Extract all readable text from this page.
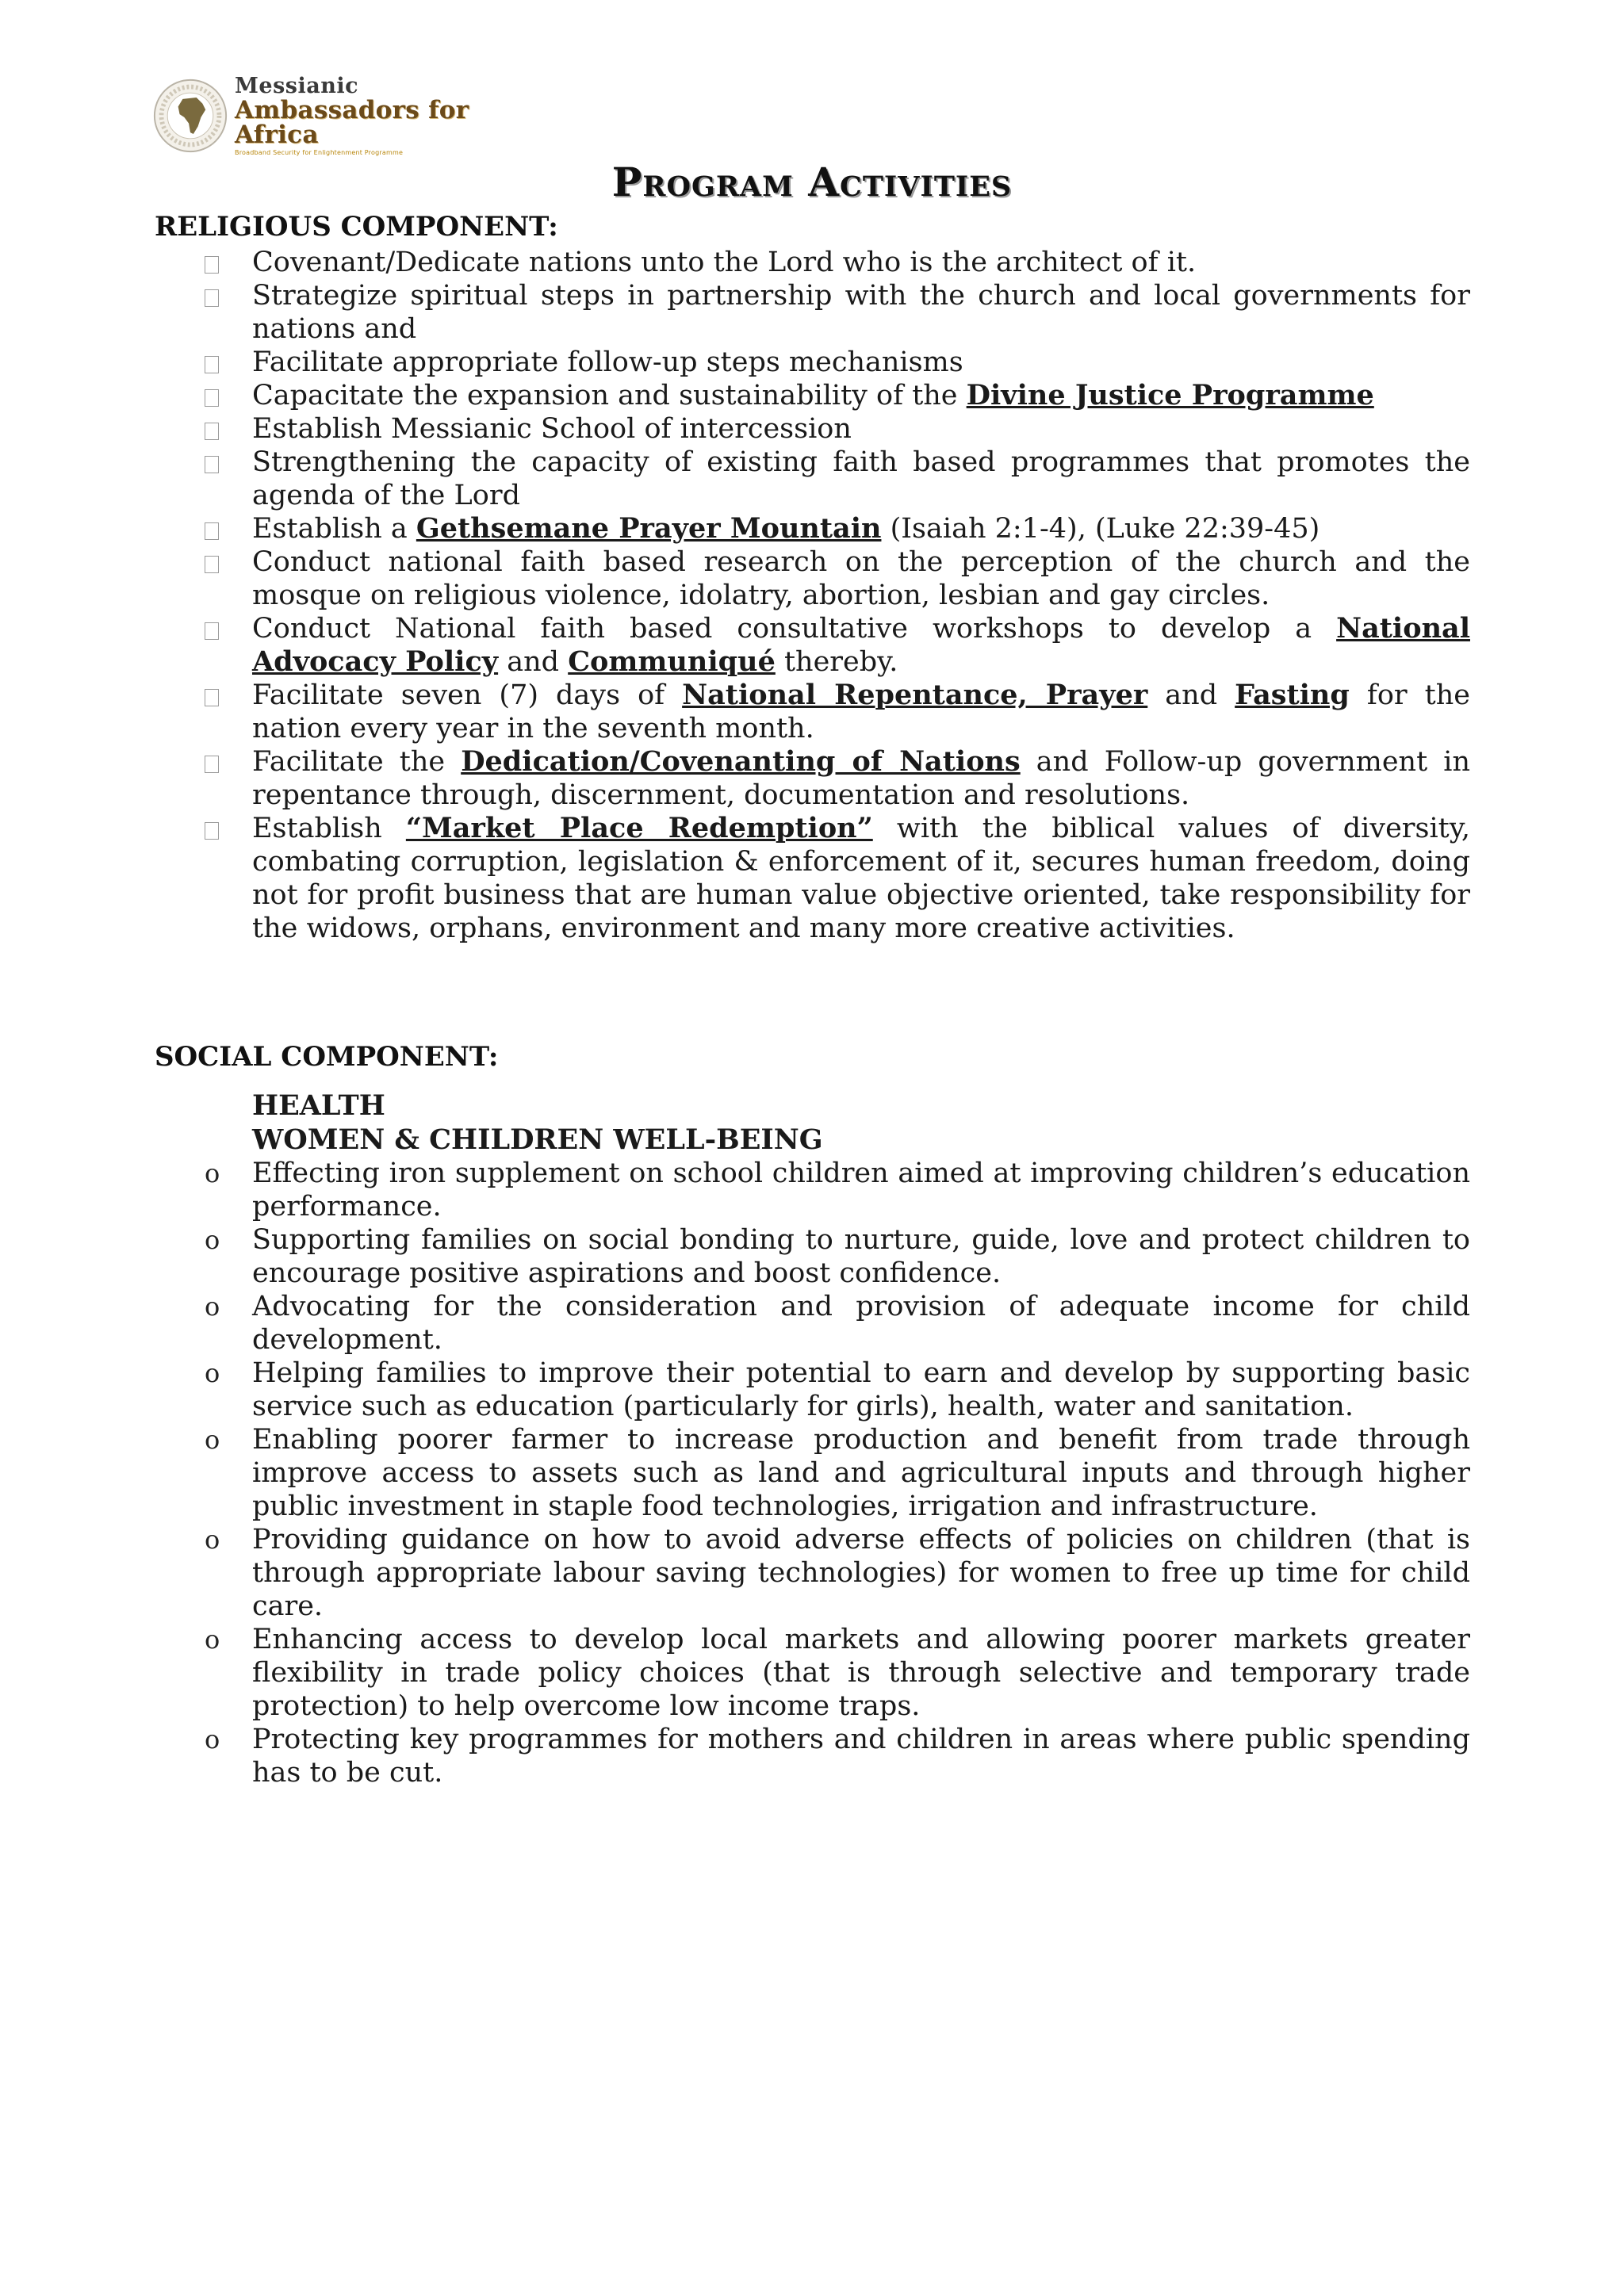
Messianic
Ambassadors for Africa
Broadband Security for Enlightenment Programme
Program Activities
RELIGIOUS COMPONENT:
Covenant/Dedicate nations unto the Lord who is the architect of it.
Strategize spiritual steps in partnership with the church and local governments for nations and
Facilitate appropriate follow-up steps mechanisms
Capacitate the expansion and sustainability of the Divine Justice Programme
Establish Messianic School of intercession
Strengthening the capacity of existing faith based programmes that promotes the agenda of the Lord
Establish a Gethsemane Prayer Mountain (Isaiah 2:1-4), (Luke 22:39-45)
Conduct national faith based research on the perception of the church and the mosque on religious violence, idolatry, abortion, lesbian and gay circles.
Conduct National faith based consultative workshops to develop a National Advocacy Policy and Communiqué thereby.
Facilitate seven (7) days of National Repentance, Prayer and Fasting for the nation every year in the seventh month.
Facilitate the Dedication/Covenanting of Nations and Follow-up government in repentance through, discernment, documentation and resolutions.
Establish “Market Place Redemption” with the biblical values of diversity, combating corruption, legislation & enforcement of it, secures human freedom, doing not for profit business that are human value objective oriented, take responsibility for the widows, orphans, environment and many more creative activities.
SOCIAL COMPONENT:
HEALTH
WOMEN & CHILDREN WELL-BEING
o Effecting iron supplement on school children aimed at improving children’s education performance.
o Supporting families on social bonding to nurture, guide, love and protect children to encourage positive aspirations and boost confidence.
o Advocating for the consideration and provision of adequate income for child development.
o Helping families to improve their potential to earn and develop by supporting basic service such as education (particularly for girls), health, water and sanitation.
o Enabling poorer farmer to increase production and benefit from trade through improve access to assets such as land and agricultural inputs and through higher public investment in staple food technologies, irrigation and infrastructure.
o Providing guidance on how to avoid adverse effects of policies on children (that is through appropriate labour saving technologies) for women to free up time for child care.
o Enhancing access to develop local markets and allowing poorer markets greater flexibility in trade policy choices (that is through selective and temporary trade protection) to help overcome low income traps.
o Protecting key programmes for mothers and children in areas where public spending has to be cut.
